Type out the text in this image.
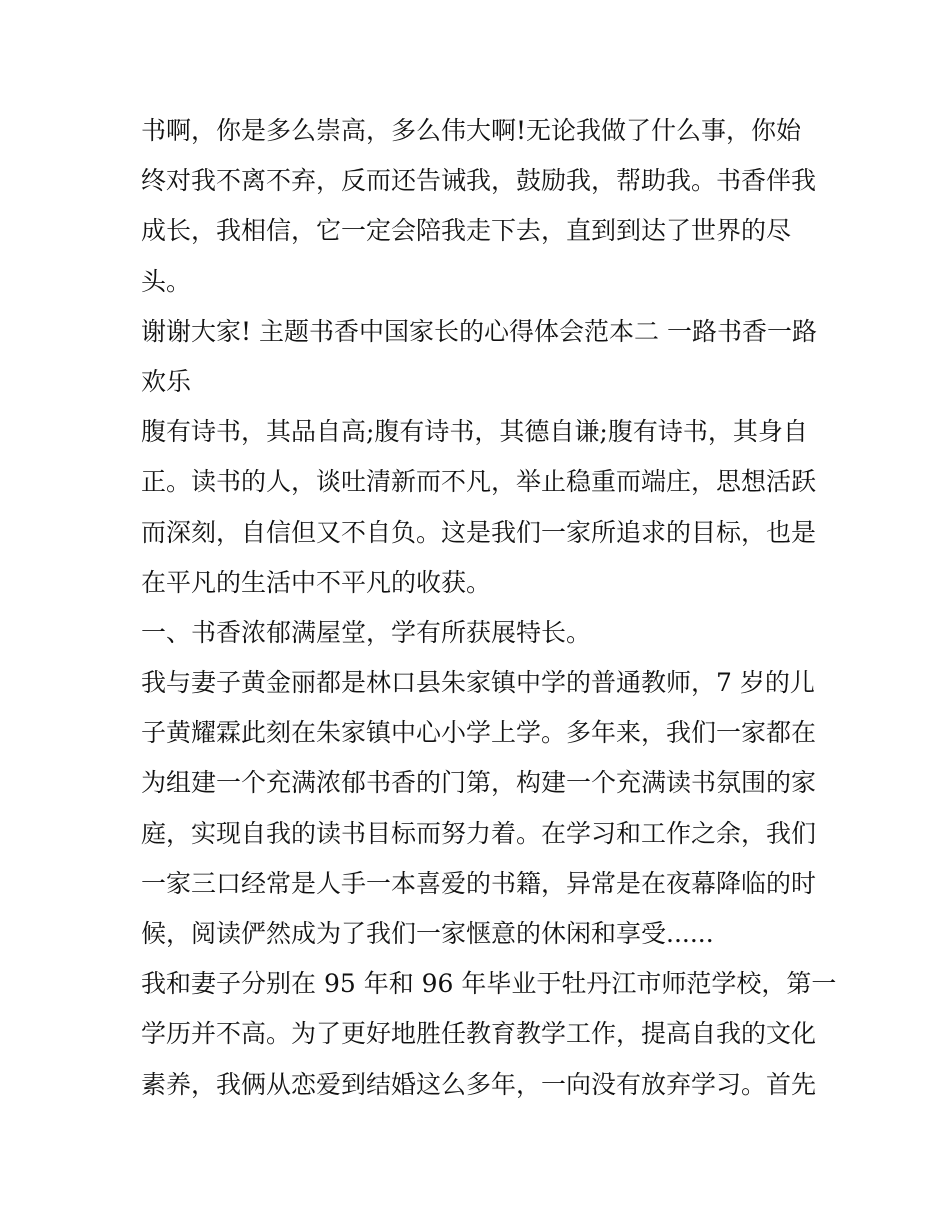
书啊，你是多么崇高，多么伟大啊!无论我做了什么事，你始
终对我不离不弃，反而还告诫我，鼓励我，帮助我。书香伴我
成长，我相信，它一定会陪我走下去，直到到达了世界的尽
头。
谢谢大家! 主题书香中国家长的心得体会范本二 一路书香一路
欢乐
腹有诗书，其品自高;腹有诗书，其德自谦;腹有诗书，其身自
正。读书的人，谈吐清新而不凡，举止稳重而端庄，思想活跃
而深刻，自信但又不自负。这是我们一家所追求的目标，也是
在平凡的生活中不平凡的收获。
一、书香浓郁满屋堂，学有所获展特长。
我与妻子黄金丽都是林口县朱家镇中学的普通教师，7 岁的儿
子黄耀霖此刻在朱家镇中心小学上学。多年来，我们一家都在
为组建一个充满浓郁书香的门第，构建一个充满读书氛围的家
庭，实现自我的读书目标而努力着。在学习和工作之余，我们
一家三口经常是人手一本喜爱的书籍，异常是在夜幕降临的时
候，阅读俨然成为了我们一家惬意的休闲和享受......
我和妻子分别在 95 年和 96 年毕业于牡丹江市师范学校，第一
学历并不高。为了更好地胜任教育教学工作，提高自我的文化
素养，我俩从恋爱到结婚这么多年，一向没有放弃学习。首先
